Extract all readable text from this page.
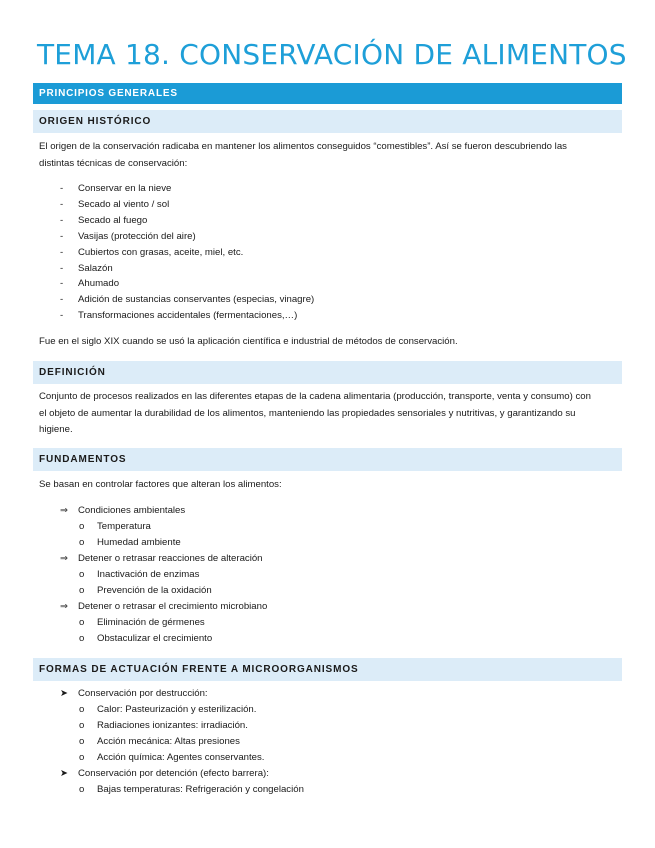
TEMA 18. CONSERVACIÓN DE ALIMENTOS
PRINCIPIOS GENERALES
ORIGEN HISTÓRICO

El origen de la conservación radicaba en mantener los alimentos conseguidos “comestibles”. Así se fueron descubriendo las distintas técnicas de conservación:

- Conservar en la nieve
- Secado al viento / sol
- Secado al fuego
- Vasijas (protección del aire)
- Cubiertos con grasas, aceite, miel, etc.
- Salazón
- Ahumado
- Adición de sustancias conservantes (especias, vinagre)
- Transformaciones accidentales (fermentaciones,…)

Fue en el siglo XIX cuando se usó la aplicación científica e industrial de métodos de conservación.

DEFINICIÓN

Conjunto de procesos realizados en las diferentes etapas de la cadena alimentaria (producción, transporte, venta y consumo) con el objeto de aumentar la durabilidad de los alimentos, manteniendo las propiedades sensoriales y nutritivas, y garantizando su higiene.

FUNDAMENTOS

Se basan en controlar factores que alteran los alimentos:

⇒ Condiciones ambientales
o Temperatura
o Humedad ambiente
⇒ Detener o retrasar reacciones de alteración
o Inactivación de enzimas
o Prevención de la oxidación
⇒ Detener o retrasar el crecimiento microbiano
o Eliminación de gérmenes
o Obstaculizar el crecimiento
FORMAS DE ACTUACIÓN FRENTE A MICROORGANISMOS
➤ Conservación por destrucción:
o Calor: Pasteurización y esterilización.
o Radiaciones ionizantes: irradiación.
o Acción mecánica: Altas presiones
o Acción química: Agentes conservantes.
➤ Conservación por detención (efecto barrera):
o Bajas temperaturas: Refrigeración y congelación
